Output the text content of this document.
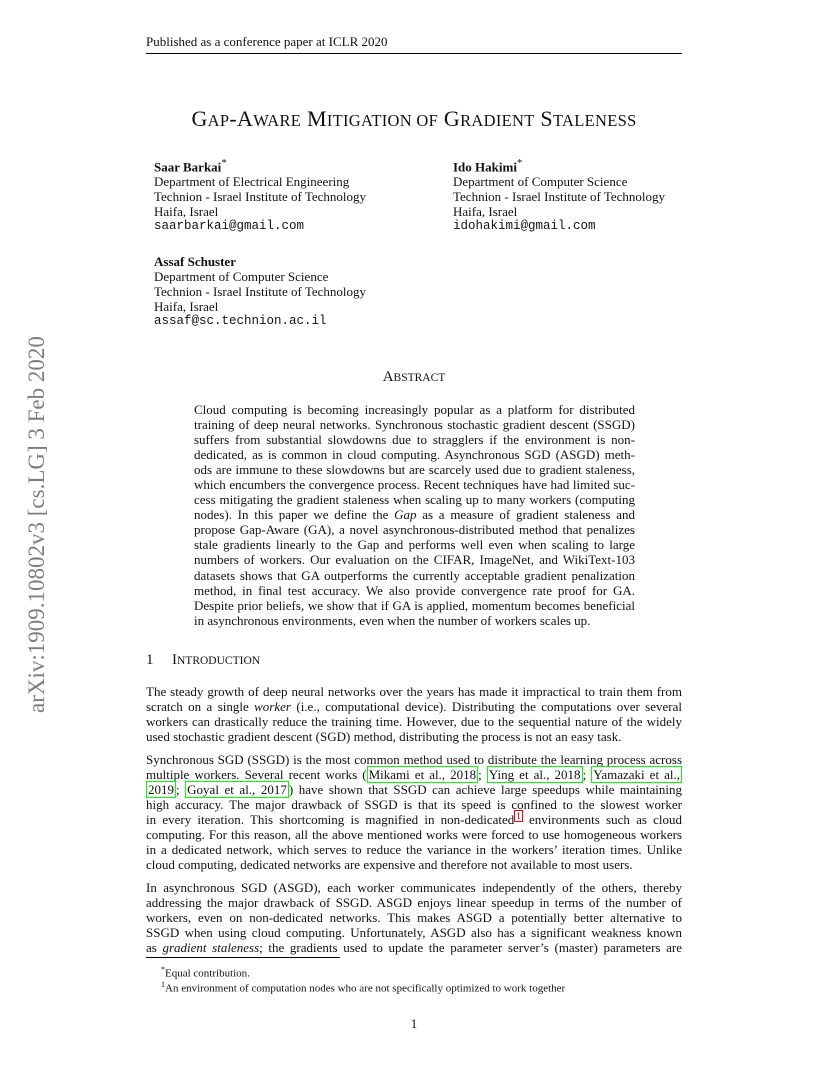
Published as a conference paper at ICLR 2020
arXiv:1909.10802v3 [cs.LG] 3 Feb 2020
GAP-AWARE MITIGATION OF GRADIENT STALENESS
Saar Barkai*
Department of Electrical Engineering
Technion - Israel Institute of Technology
Haifa, Israel
saarbarkai@gmail.com
Ido Hakimi*
Department of Computer Science
Technion - Israel Institute of Technology
Haifa, Israel
idohakimi@gmail.com
Assaf Schuster
Department of Computer Science
Technion - Israel Institute of Technology
Haifa, Israel
assaf@sc.technion.ac.il
ABSTRACT
Cloud computing is becoming increasingly popular as a platform for distributed
training of deep neural networks. Synchronous stochastic gradient descent (SSGD)
suffers from substantial slowdowns due to stragglers if the environment is non-
dedicated, as is common in cloud computing. Asynchronous SGD (ASGD) meth-
ods are immune to these slowdowns but are scarcely used due to gradient staleness,
which encumbers the convergence process. Recent techniques have had limited suc-
cess mitigating the gradient staleness when scaling up to many workers (computing
nodes). In this paper we define the Gap as a measure of gradient staleness and
propose Gap-Aware (GA), a novel asynchronous-distributed method that penalizes
stale gradients linearly to the Gap and performs well even when scaling to large
numbers of workers. Our evaluation on the CIFAR, ImageNet, and WikiText-103
datasets shows that GA outperforms the currently acceptable gradient penalization
method, in final test accuracy. We also provide convergence rate proof for GA.
Despite prior beliefs, we show that if GA is applied, momentum becomes beneficial
in asynchronous environments, even when the number of workers scales up.
1 INTRODUCTION
The steady growth of deep neural networks over the years has made it impractical to train them from
scratch on a single worker (i.e., computational device). Distributing the computations over several
workers can drastically reduce the training time. However, due to the sequential nature of the widely
used stochastic gradient descent (SGD) method, distributing the process is not an easy task.
Synchronous SGD (SSGD) is the most common method used to distribute the learning process across
multiple workers. Several recent works ( Mikami et al., 2018 ; Ying et al., 2018 ; Yamazaki et al.,
2019 ; Goyal et al., 2017 ) have shown that SSGD can achieve large speedups while maintaining
high accuracy. The major drawback of SSGD is that its speed is confined to the slowest worker
in every iteration. This shortcoming is magnified in non-dedicated $^1$ environments such as cloud
computing. For this reason, all the above mentioned works were forced to use homogeneous workers
in a dedicated network, which serves to reduce the variance in the workers’ iteration times. Unlike
cloud computing, dedicated networks are expensive and therefore not available to most users.
In asynchronous SGD (ASGD), each worker communicates independently of the others, thereby
addressing the major drawback of SSGD. ASGD enjoys linear speedup in terms of the number of
workers, even on non-dedicated networks. This makes ASGD a potentially better alternative to
SSGD when using cloud computing. Unfortunately, ASGD also has a significant weakness known
as gradient staleness; the gradients used to update the parameter server’s (master) parameters are
*Equal contribution.
$^1$An environment of computation nodes who are not specifically optimized to work together
1
